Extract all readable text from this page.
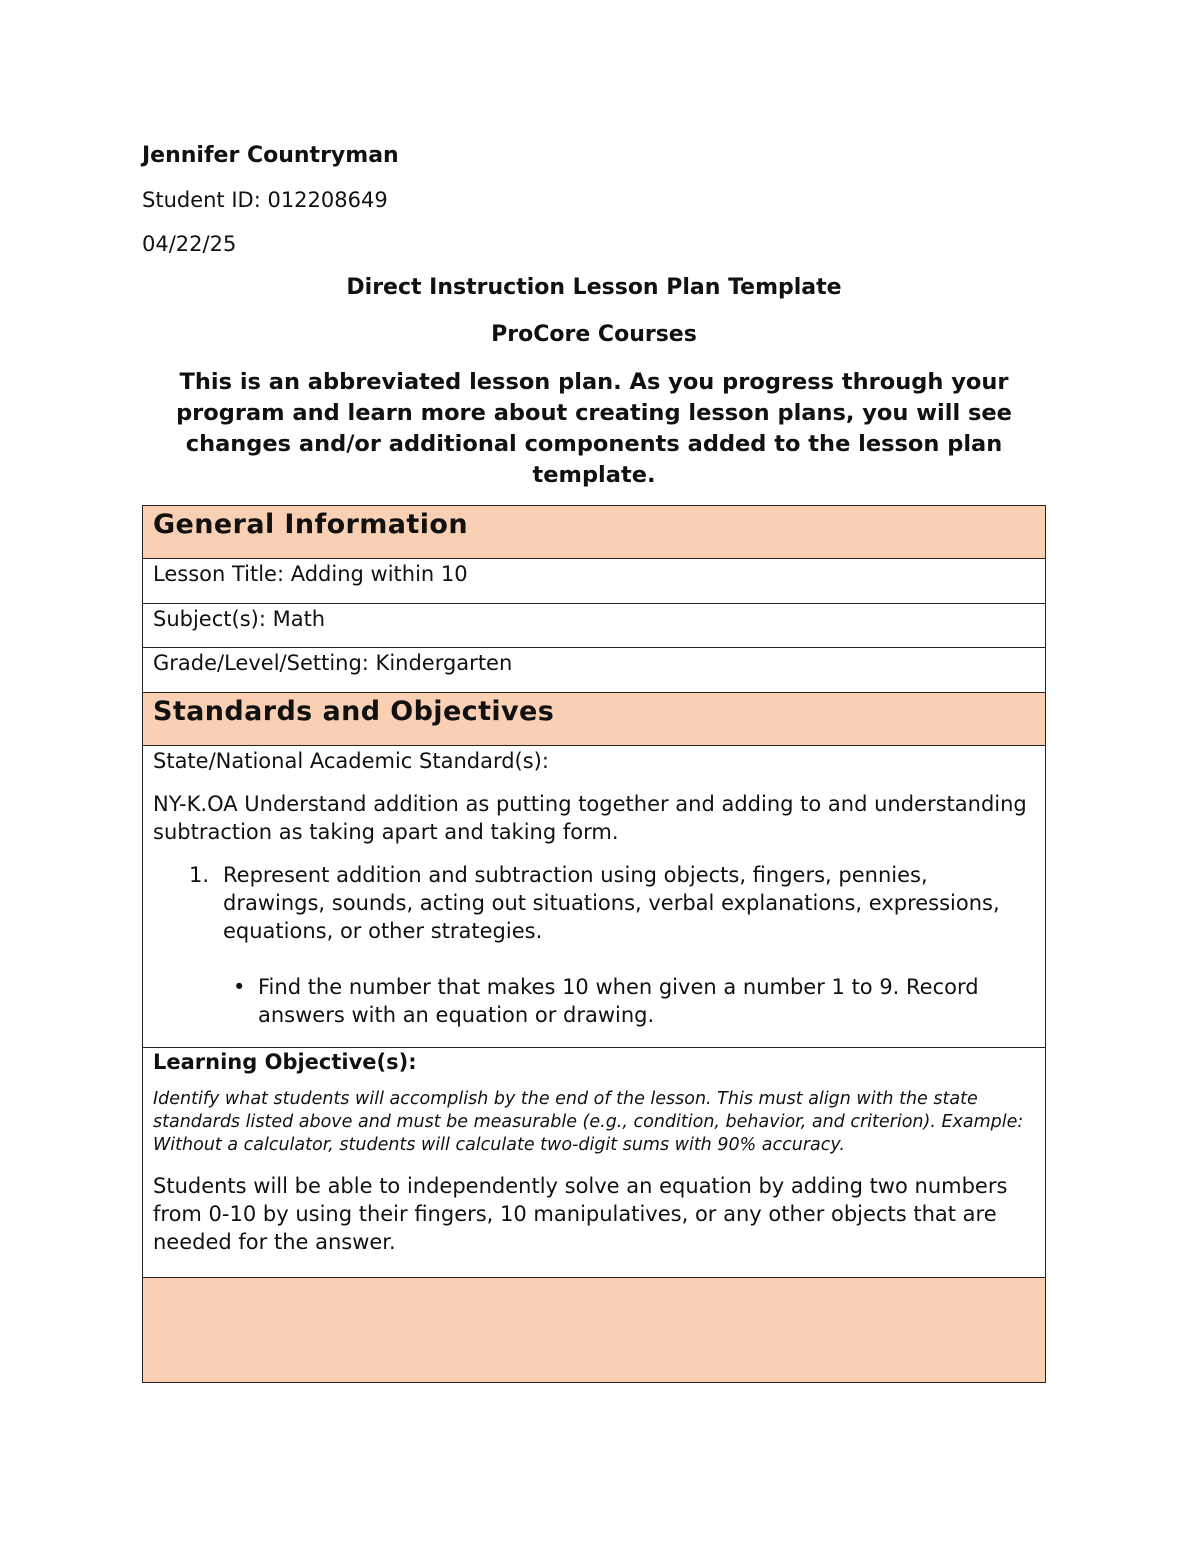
Jennifer Countryman
Student ID: 012208649
04/22/25
Direct Instruction Lesson Plan Template
ProCore Courses
This is an abbreviated lesson plan. As you progress through your program and learn more about creating lesson plans, you will see changes and/or additional components added to the lesson plan template.
General Information
Lesson Title: Adding within 10
Subject(s): Math
Grade/Level/Setting: Kindergarten
Standards and Objectives

State/National Academic Standard(s):

NY-K.OA Understand addition as putting together and adding to and understanding subtraction as taking apart and taking form.

1. Represent addition and subtraction using objects, fingers, pennies, drawings, sounds, acting out situations, verbal explanations, expressions, equations, or other strategies.

• Find the number that makes 10 when given a number 1 to 9. Record answers with an equation or drawing.

Learning Objective(s):

Identify what students will accomplish by the end of the lesson. This must align with the state standards listed above and must be measurable (e.g., condition, behavior, and criterion). Example: Without a calculator, students will calculate two-digit sums with 90% accuracy.

Students will be able to independently solve an equation by adding two numbers from 0-10 by using their fingers, 10 manipulatives, or any other objects that are needed for the answer.
